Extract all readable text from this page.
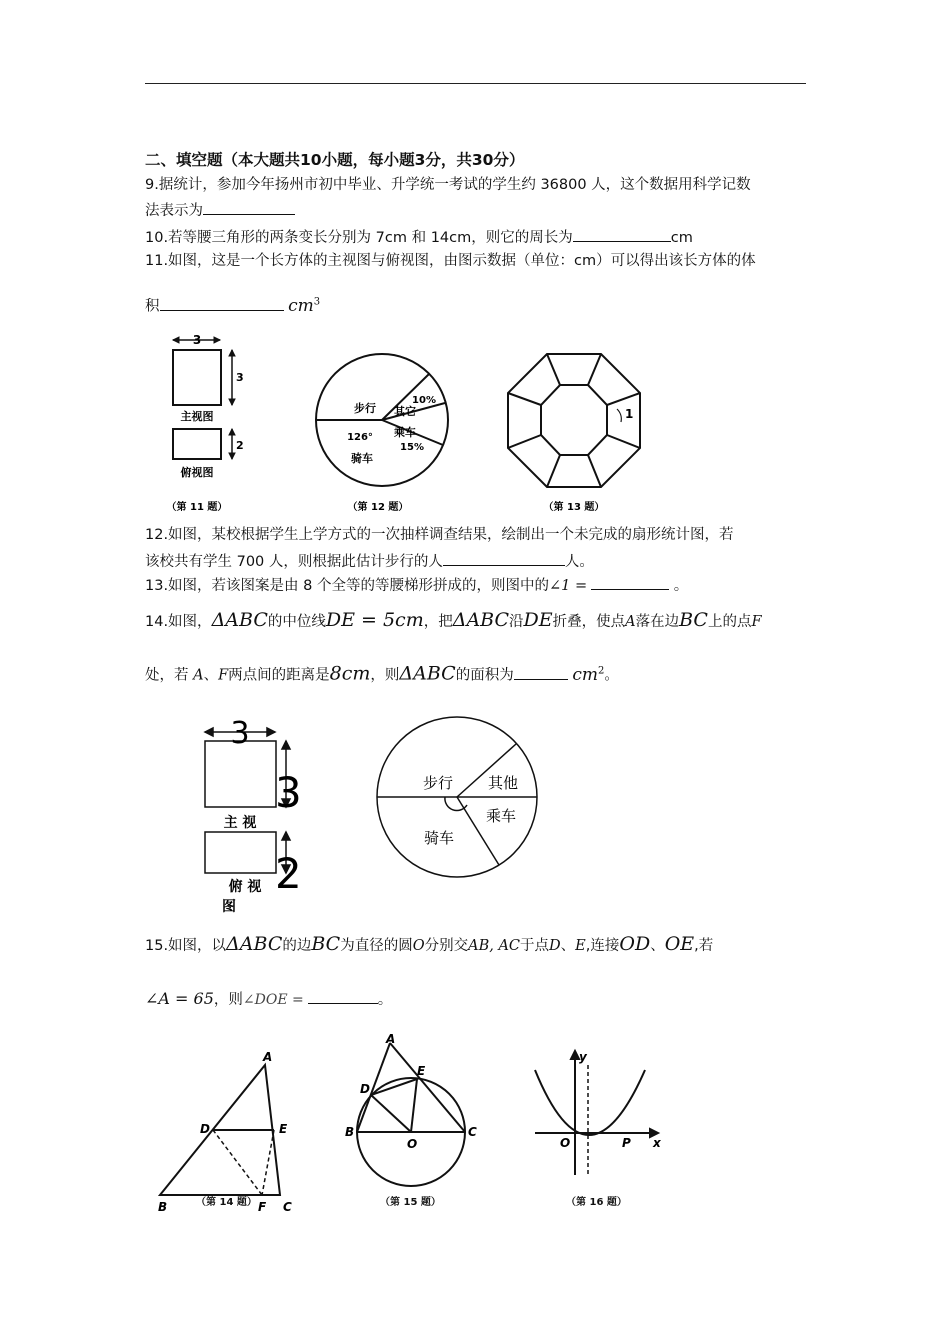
二、填空题（本大题共10小题，每小题3分，共30分）
9.据统计，参加今年扬州市初中毕业、升学统一考试的学生约 36800 人，这个数据用科学记数
法表示为
10.若等腰三角形的两条变长分别为 7cm 和 14cm，则它的周长为	cm
11.如图，这是一个长方体的主视图与俯视图，由图示数据（单位：cm）可以得出该长方体的体
积	$cm^3$
3
3
主视图
2
俯视图
（第 11 题）
步行 其它
10%
126° 乘车
15%
骑车
（第 12 题）
1
（第 13 题）
12.如图，某校根据学生上学方式的一次抽样调查结果，绘制出一个未完成的扇形统计图，若
该校共有学生 700 人，则根据此估计步行的人	人。
13.如图，若该图案是由 8 个全等的等腰梯形拼成的，则图中的∠1 =	。
14.如图，ΔABC的中位线DE = 5cm，把ΔABC沿DE折叠，使点A落在边BC上的点F
处，若 A、F两点间的距离是8cm，则ΔABC的面积为	$cm^2$。
3
3
主 视
2
俯 视
图
步行 其他
乘车
骑车
15.如图，以ΔABC的边BC为直径的圆O分别交AB, AC于点D、E,连接OD、OE,若
∠A = 65，则∠DOE =	。
A
D	E
B	F C
A
D
E
B
O
C
y
x
O	P
（第 14 题）	（第 15 题）	（第 16 题）
